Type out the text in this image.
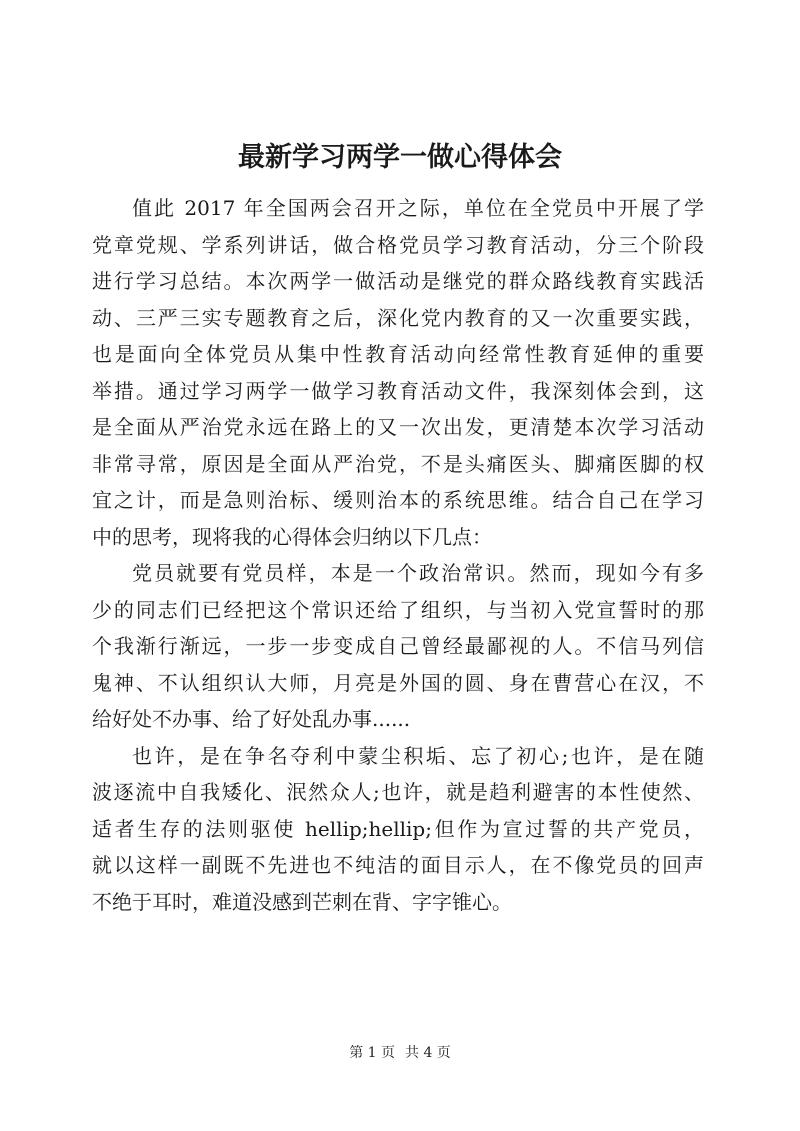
最新学习两学一做心得体会
值此 2017 年全国两会召开之际，单位在全党员中开展了学
党章党规、学系列讲话，做合格党员学习教育活动，分三个阶段
进行学习总结。本次两学一做活动是继党的群众路线教育实践活
动、三严三实专题教育之后，深化党内教育的又一次重要实践，
也是面向全体党员从集中性教育活动向经常性教育延伸的重要
举措。通过学习两学一做学习教育活动文件，我深刻体会到，这
是全面从严治党永远在路上的又一次出发，更清楚本次学习活动
非常寻常，原因是全面从严治党，不是头痛医头、脚痛医脚的权
宜之计，而是急则治标、缓则治本的系统思维。结合自己在学习
中的思考，现将我的心得体会归纳以下几点：
党员就要有党员样，本是一个政治常识。然而，现如今有多
少的同志们已经把这个常识还给了组织，与当初入党宣誓时的那
个我渐行渐远，一步一步变成自己曾经最鄙视的人。不信马列信
鬼神、不认组织认大师，月亮是外国的圆、身在曹营心在汉，不
给好处不办事、给了好处乱办事......
也许，是在争名夺利中蒙尘积垢、忘了初心;也许，是在随
波逐流中自我矮化、泯然众人;也许，就是趋利避害的本性使然、
适者生存的法则驱使 hellip;hellip;但作为宣过誓的共产党员，
就以这样一副既不先进也不纯洁的面目示人，在不像党员的回声
不绝于耳时，难道没感到芒刺在背、字字锥心。
第 1 页 共 4 页
